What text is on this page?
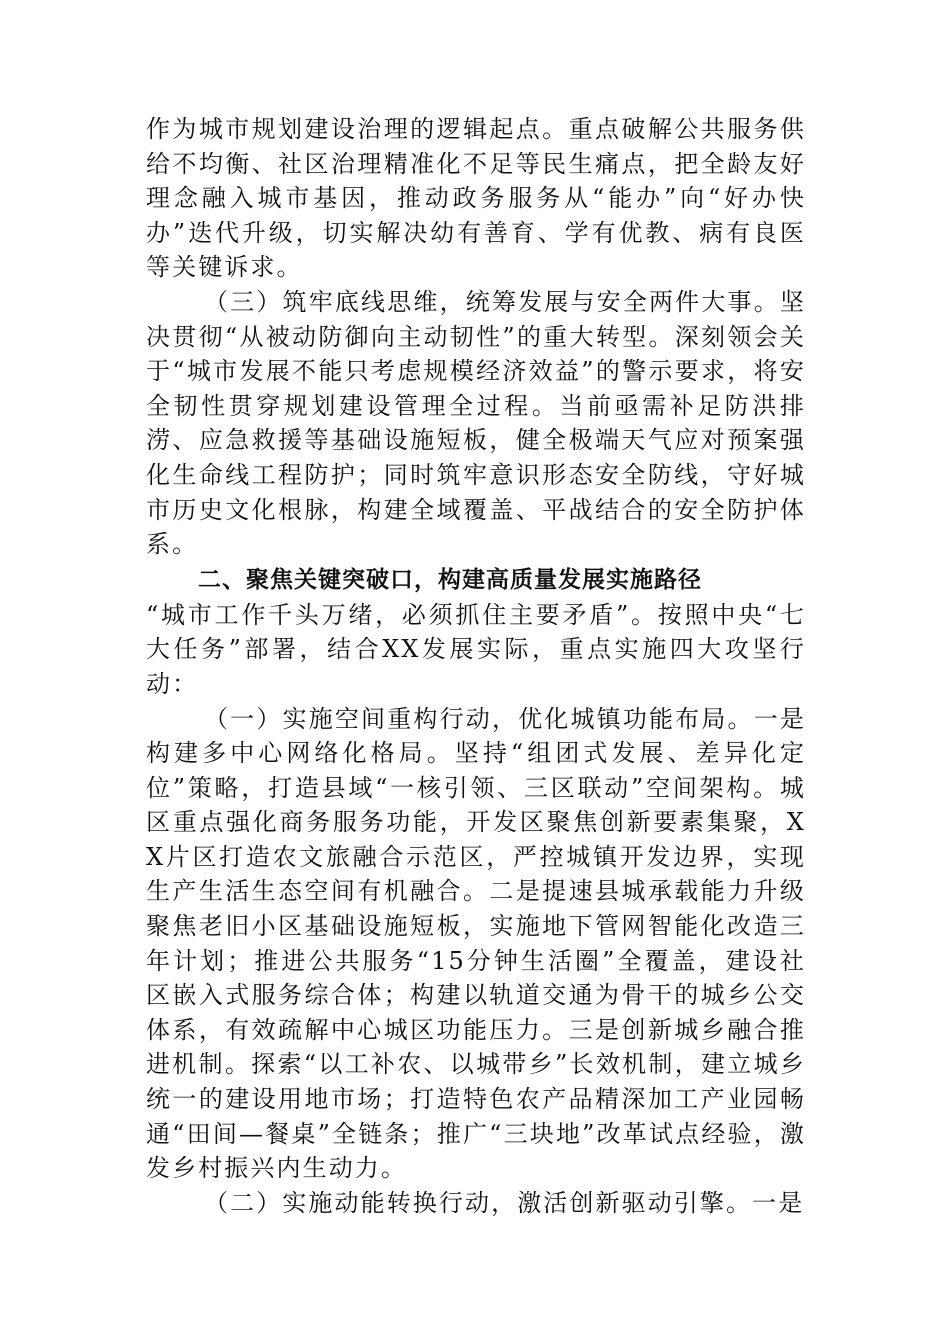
作为城市规划建设治理的逻辑起点。重点破解公共服务供给不均衡、社区治理精准化不足等民生痛点，把全龄友好理念融入城市基因，推动政务服务从“能办”向“好办快办”迭代升级，切实解决幼有善育、学有优教、病有良医等关键诉求。

（三）筑牢底线思维，统筹发展与安全两件大事。坚决贯彻“从被动防御向主动韧性”的重大转型。深刻领会关于“城市发展不能只考虑规模经济效益”的警示要求，将安全韧性贯穿规划建设管理全过程。当前亟需补足防洪排涝、应急救援等基础设施短板，健全极端天气应对预案强化生命线工程防护；同时筑牢意识形态安全防线，守好城市历史文化根脉，构建全域覆盖、平战结合的安全防护体系。

二、聚焦关键突破口，构建高质量发展实施路径

“城市工作千头万绪，必须抓住主要矛盾”。按照中央“七大任务”部署，结合XX发展实际，重点实施四大攻坚行动：

（一）实施空间重构行动，优化城镇功能布局。一是构建多中心网络化格局。坚持“组团式发展、差异化定位”策略，打造县域“一核引领、三区联动”空间架构。城区重点强化商务服务功能，开发区聚焦创新要素集聚，XX片区打造农文旅融合示范区，严控城镇开发边界，实现生产生活生态空间有机融合。二是提速县城承载能力升级聚焦老旧小区基础设施短板，实施地下管网智能化改造三年计划；推进公共服务“15分钟生活圈”全覆盖，建设社区嵌入式服务综合体；构建以轨道交通为骨干的城乡公交体系，有效疏解中心城区功能压力。三是创新城乡融合推进机制。探索“以工补农、以城带乡”长效机制，建立城乡统一的建设用地市场；打造特色农产品精深加工产业园畅通“田间—餐桌”全链条；推广“三块地”改革试点经验，激发乡村振兴内生动力。

（二）实施动能转换行动，激活创新驱动引擎。一是
